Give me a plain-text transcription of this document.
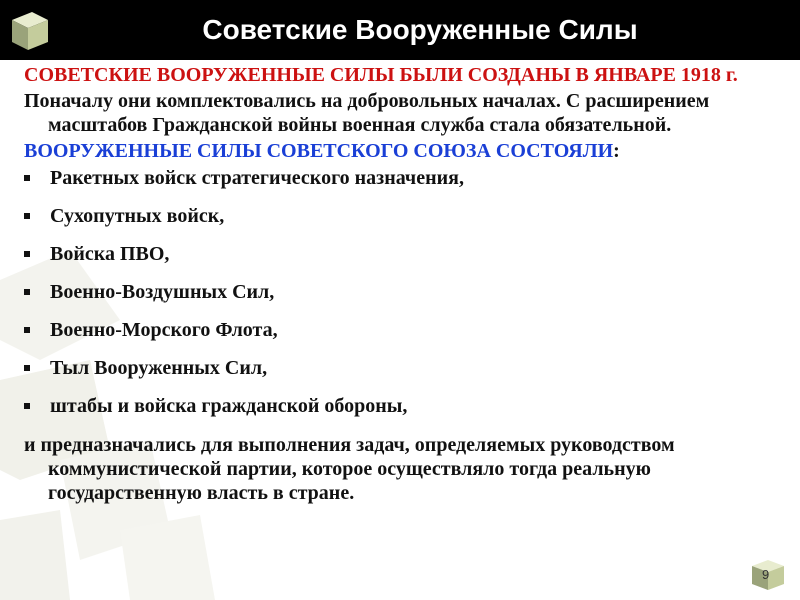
Советские Вооруженные Силы

СОВЕТСКИЕ ВООРУЖЕННЫЕ СИЛЫ БЫЛИ СОЗДАНЫ В ЯНВАРЕ 1918 г.

Поначалу они комплектовались на добровольных началах. С расширением масштабов Гражданской войны военная служба стала обязательной.

ВООРУЖЕННЫЕ СИЛЫ СОВЕТСКОГО СОЮЗА СОСТОЯЛИ:

Ракетных войск стратегического назначения,
Сухопутных войск,
Войска ПВО,
Военно-Воздушных Сил,
Военно-Морского Флота,
Тыл Вооруженных Сил,
штабы и войска гражданской обороны,

и предназначались для выполнения задач, определяемых руководством коммунистической партии, которое осуществляло тогда реальную государственную власть в стране.

9
